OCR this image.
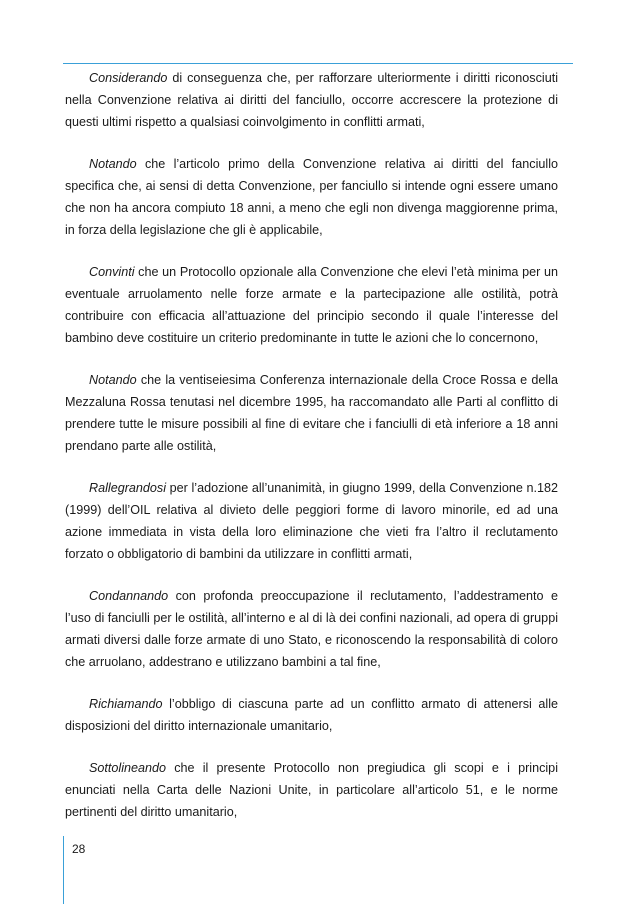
Considerando di conseguenza che, per rafforzare ulteriormente i diritti riconosciuti nella Convenzione relativa ai diritti del fanciullo, occorre accrescere la protezione di questi ultimi rispetto a qualsiasi coinvolgimento in conflitti armati,

Notando che l’articolo primo della Convenzione relativa ai diritti del fanciullo specifica che, ai sensi di detta Convenzione, per fanciullo si intende ogni essere umano che non ha ancora compiuto 18 anni, a meno che egli non divenga maggiorenne prima, in forza della legislazione che gli è applicabile,

Convinti che un Protocollo opzionale alla Convenzione che elevi l’età minima per un eventuale arruolamento nelle forze armate e la partecipazione alle ostilità, potrà contribuire con efficacia all’attuazione del principio secondo il quale l’interesse del bambino deve costituire un criterio predominante in tutte le azioni che lo concernono,

Notando che la ventiseiesima Conferenza internazionale della Croce Rossa e della Mezzaluna Rossa tenutasi nel dicembre 1995, ha raccomandato alle Parti al conflitto di prendere tutte le misure possibili al fine di evitare che i fanciulli di età inferiore a 18 anni prendano parte alle ostilità,

Rallegrandosi per l’adozione all’unanimità, in giugno 1999, della Convenzione n.182 (1999) dell’OIL relativa al divieto delle peggiori forme di lavoro minorile, ed ad una azione immediata in vista della loro eliminazione che vieti fra l’altro il reclutamento forzato o obbligatorio di bambini da utilizzare in conflitti armati,

Condannando con profonda preoccupazione il reclutamento, l’addestramento e l’uso di fanciulli per le ostilità, all’interno e al di là dei confini nazionali, ad opera di gruppi armati diversi dalle forze armate di uno Stato, e riconoscendo la responsabilità di coloro che arruolano, addestrano e utilizzano bambini a tal fine,

Richiamando l’obbligo di ciascuna parte ad un conflitto armato di attenersi alle disposizioni del diritto internazionale umanitario,

Sottolineando che il presente Protocollo non pregiudica gli scopi e i principi enunciati nella Carta delle Nazioni Unite, in particolare all’articolo 51, e le norme pertinenti del diritto umanitario,

28
